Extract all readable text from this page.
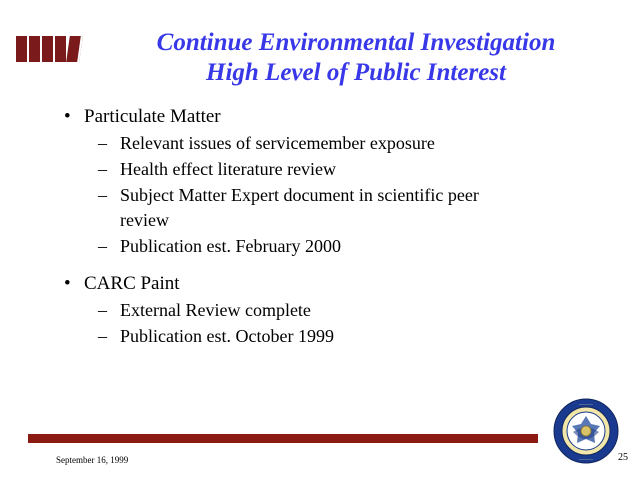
Continue Environmental Investigation
High Level of Public Interest
• Particulate Matter
– Relevant issues of servicemember exposure
– Health effect literature review
– Subject Matter Expert document in scientific peer
review
– Publication est. February 2000
• CARC Paint
– External Review complete
– Publication est. October 1999
September 16, 1999	25
* * * * * * *
* * * * * * *
